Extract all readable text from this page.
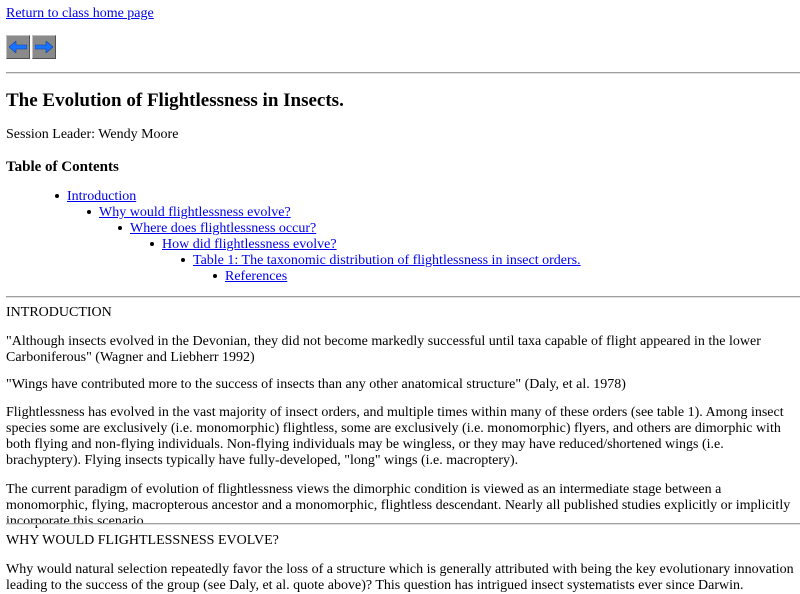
Return to class home page
The Evolution of Flightlessness in Insects.
Session Leader: Wendy Moore
Table of Contents
Introduction
Why would flightlessness evolve?
Where does flightlessness occur?
How did flightlessness evolve?
Table 1: The taxonomic distribution of flightlessness in insect orders.
References
INTRODUCTION

"Although insects evolved in the Devonian, they did not become markedly successful until taxa capable of flight appeared in the lower Carboniferous" (Wagner and Liebherr 1992)

"Wings have contributed more to the success of insects than any other anatomical structure" (Daly, et al. 1978)

Flightlessness has evolved in the vast majority of insect orders, and multiple times within many of these orders (see table 1). Among insect species some are exclusively (i.e. monomorphic) flightless, some are exclusively (i.e. monomorphic) flyers, and others are dimorphic with both flying and non-flying individuals. Non-flying individuals may be wingless, or they may have reduced/shortened wings (i.e. brachyptery). Flying insects typically have fully-developed, "long" wings (i.e. macroptery).

The current paradigm of evolution of flightlessness views the dimorphic condition is viewed as an intermediate stage between a monomorphic, flying, macropterous ancestor and a monomorphic, flightless descendant. Nearly all published studies explicitly or implicitly incorporate this scenario.

WHY WOULD FLIGHTLESSNESS EVOLVE?

Why would natural selection repeatedly favor the loss of a structure which is generally attributed with being the key evolutionary innovation leading to the success of the group (see Daly, et al. quote above)? This question has intrigued insect systematists ever since Darwin.
